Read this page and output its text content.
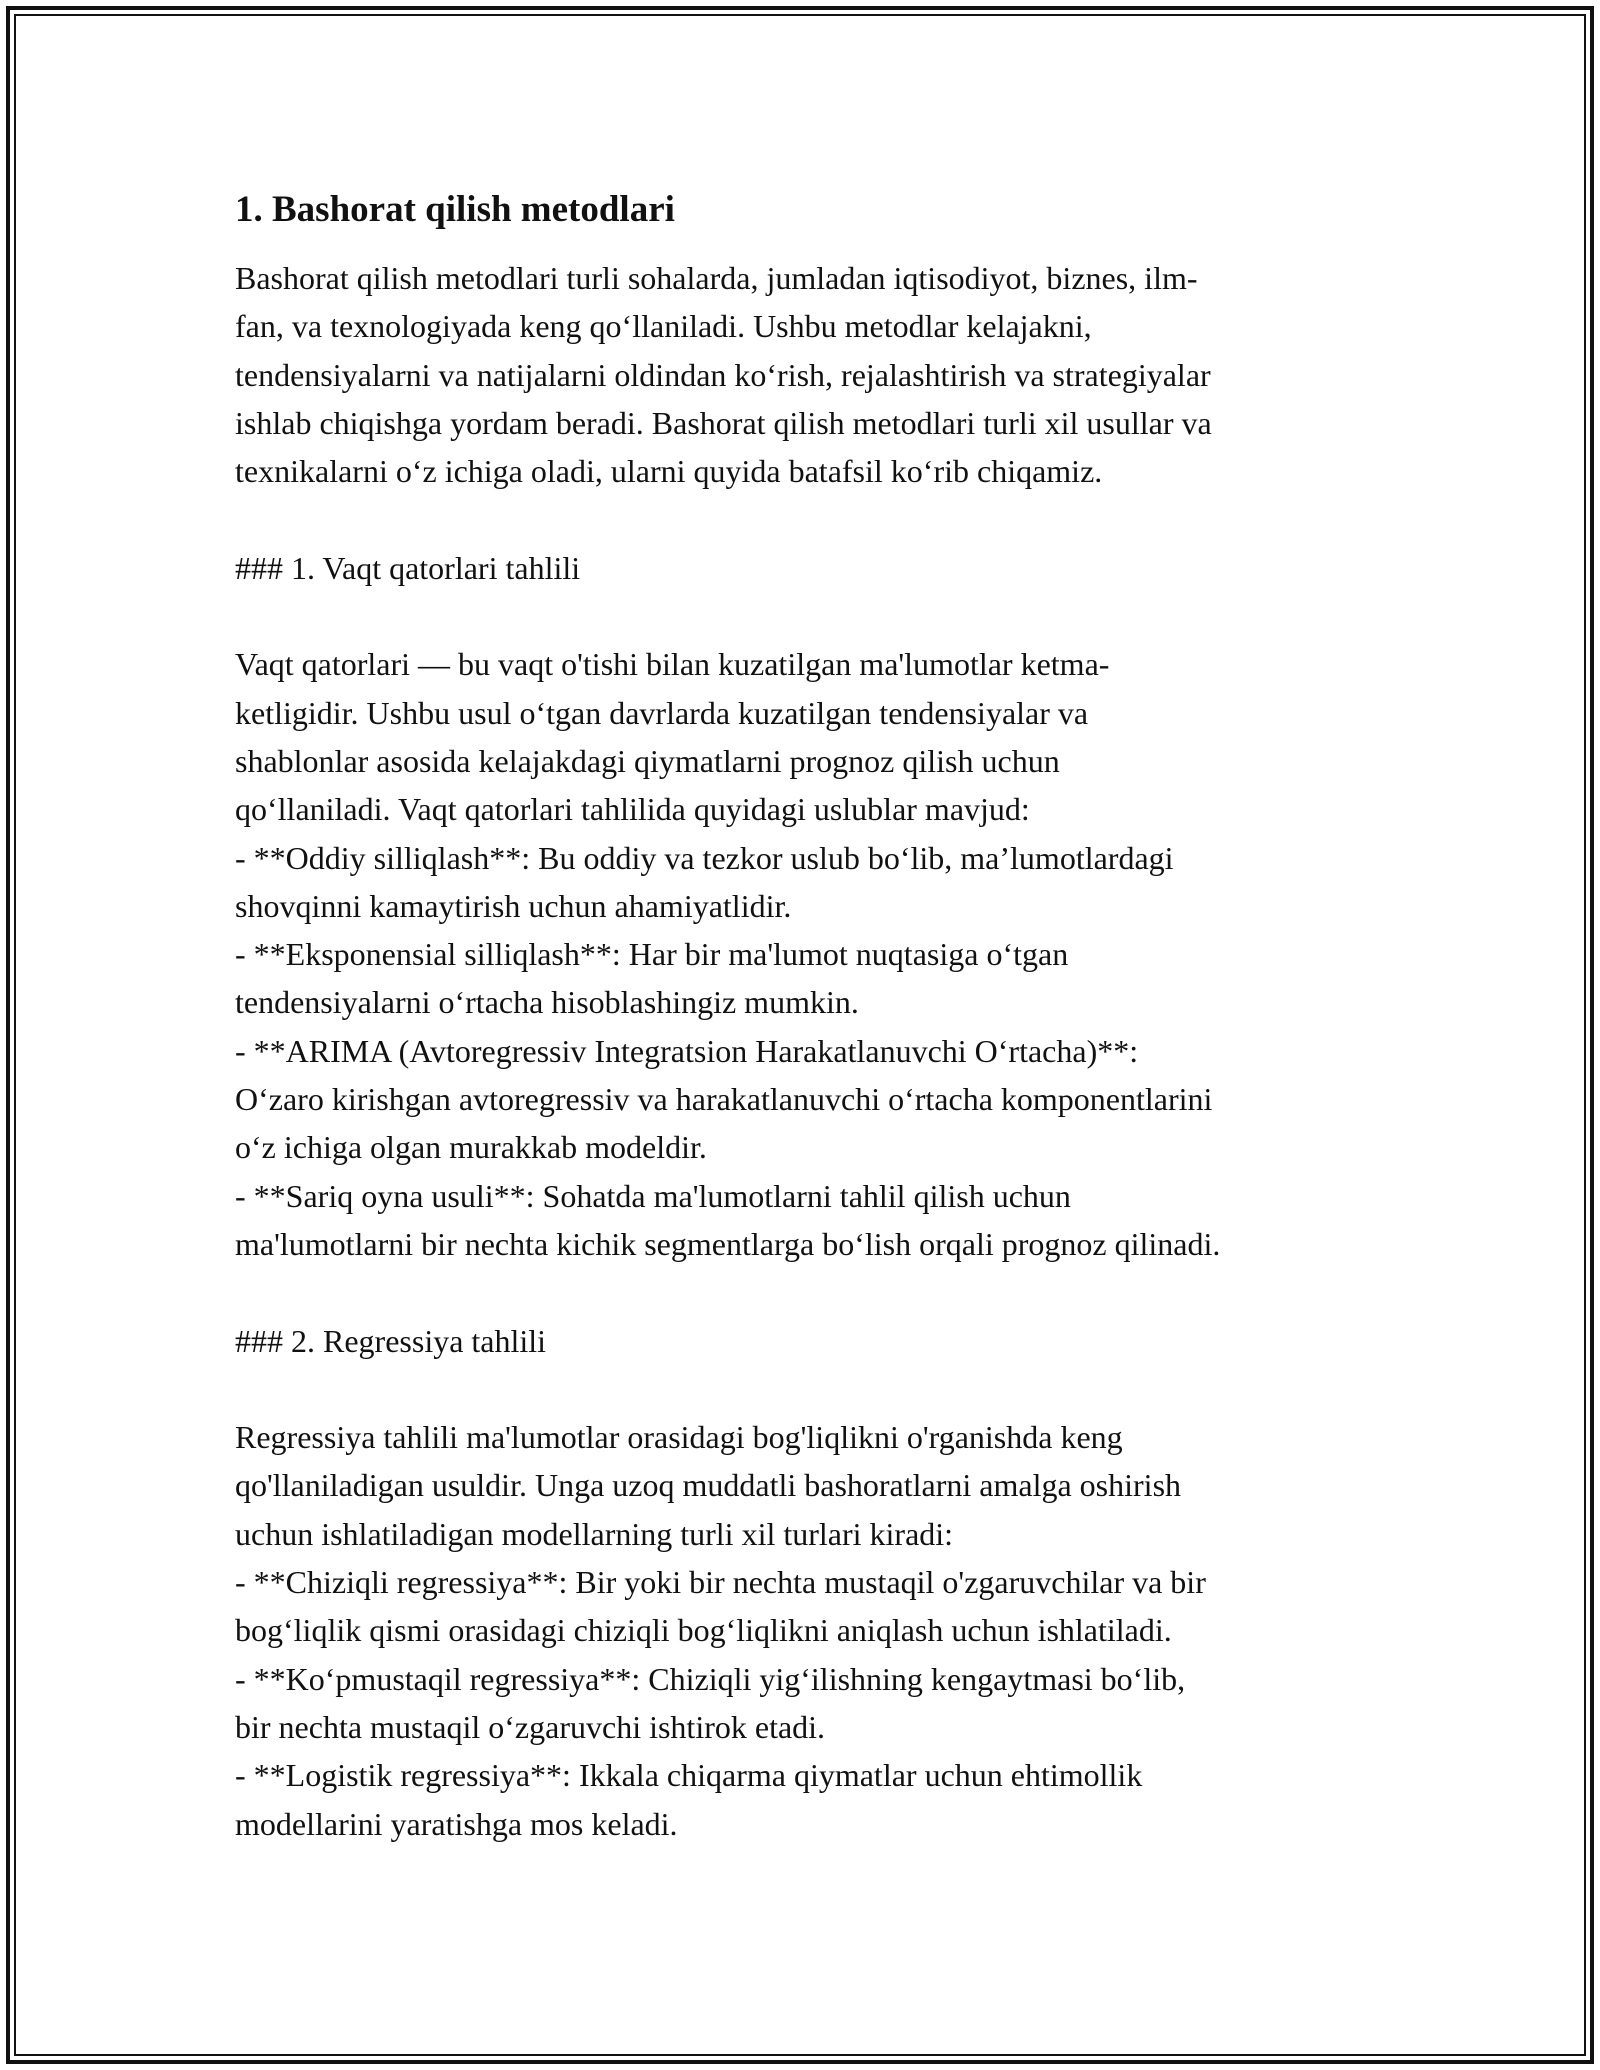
1. Bashorat qilish metodlari

Bashorat qilish metodlari turli sohalarda, jumladan iqtisodiyot, biznes, ilm-
fan, va texnologiyada keng qo‘llaniladi. Ushbu metodlar kelajakni,
tendensiyalarni va natijalarni oldindan ko‘rish, rejalashtirish va strategiyalar
ishlab chiqishga yordam beradi. Bashorat qilish metodlari turli xil usullar va
texnikalarni o‘z ichiga oladi, ularni quyida batafsil ko‘rib chiqamiz.

### 1. Vaqt qatorlari tahlili

Vaqt qatorlari — bu vaqt o'tishi bilan kuzatilgan ma'lumotlar ketma-
ketligidir. Ushbu usul o‘tgan davrlarda kuzatilgan tendensiyalar va
shablonlar asosida kelajakdagi qiymatlarni prognoz qilish uchun
qo‘llaniladi. Vaqt qatorlari tahlilida quyidagi uslublar mavjud:
- **Oddiy silliqlash**: Bu oddiy va tezkor uslub bo‘lib, ma’lumotlardagi
shovqinni kamaytirish uchun ahamiyatlidir.
- **Eksponensial silliqlash**: Har bir ma'lumot nuqtasiga o‘tgan
tendensiyalarni o‘rtacha hisoblashingiz mumkin.
- **ARIMA (Avtoregressiv Integratsion Harakatlanuvchi O‘rtacha)**:
O‘zaro kirishgan avtoregressiv va harakatlanuvchi o‘rtacha komponentlarini
o‘z ichiga olgan murakkab modeldir.
- **Sariq oyna usuli**: Sohatda ma'lumotlarni tahlil qilish uchun
ma'lumotlarni bir nechta kichik segmentlarga bo‘lish orqali prognoz qilinadi.

### 2. Regressiya tahlili

Regressiya tahlili ma'lumotlar orasidagi bog'liqlikni o'rganishda keng
qo'llaniladigan usuldir. Unga uzoq muddatli bashoratlarni amalga oshirish
uchun ishlatiladigan modellarning turli xil turlari kiradi:
- **Chiziqli regressiya**: Bir yoki bir nechta mustaqil o'zgaruvchilar va bir
bog‘liqlik qismi orasidagi chiziqli bog‘liqlikni aniqlash uchun ishlatiladi.
- **Ko‘pmustaqil regressiya**: Chiziqli yig‘ilishning kengaytmasi bo‘lib,
bir nechta mustaqil o‘zgaruvchi ishtirok etadi.
- **Logistik regressiya**: Ikkala chiqarma qiymatlar uchun ehtimollik
modellarini yaratishga mos keladi.
